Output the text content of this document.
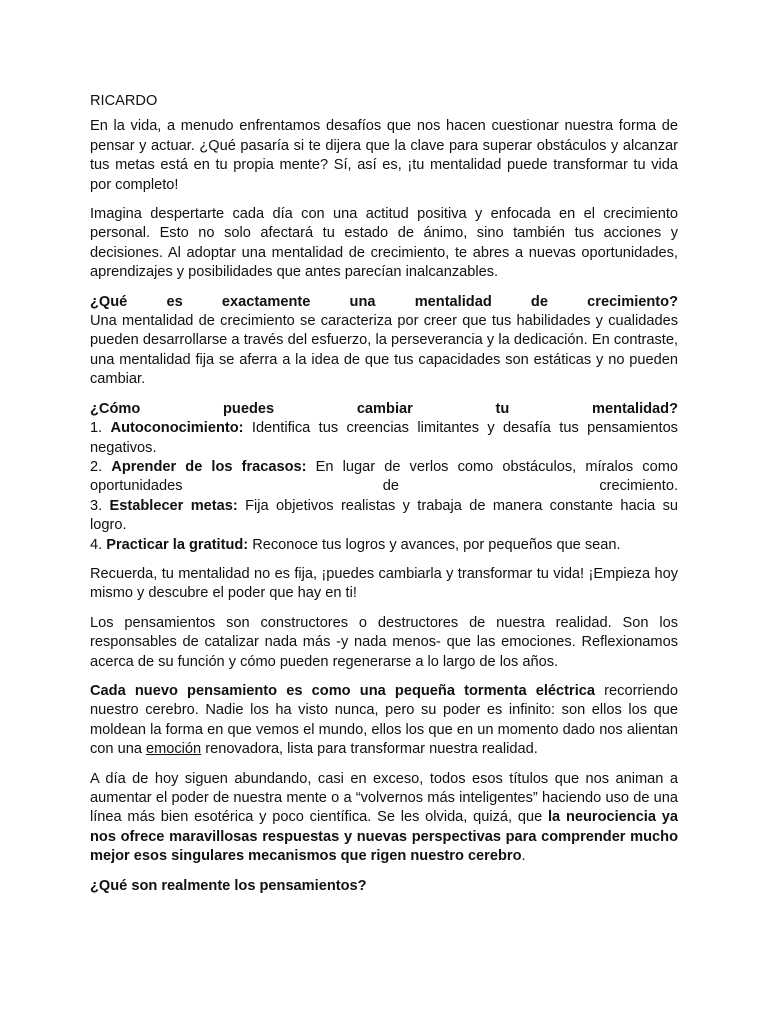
RICARDO

En la vida, a menudo enfrentamos desafíos que nos hacen cuestionar nuestra forma de pensar y actuar. ¿Qué pasaría si te dijera que la clave para superar obstáculos y alcanzar tus metas está en tu propia mente? Sí, así es, ¡tu mentalidad puede transformar tu vida por completo!

Imagina despertarte cada día con una actitud positiva y enfocada en el crecimiento personal. Esto no solo afectará tu estado de ánimo, sino también tus acciones y decisiones. Al adoptar una mentalidad de crecimiento, te abres a nuevas oportunidades, aprendizajes y posibilidades que antes parecían inalcanzables.

¿Qué es exactamente una mentalidad de crecimiento?
Una mentalidad de crecimiento se caracteriza por creer que tus habilidades y cualidades pueden desarrollarse a través del esfuerzo, la perseverancia y la dedicación. En contraste, una mentalidad fija se aferra a la idea de que tus capacidades son estáticas y no pueden cambiar.

¿Cómo puedes cambiar tu mentalidad?
1. Autoconocimiento: Identifica tus creencias limitantes y desafía tus pensamientos negativos.
2. Aprender de los fracasos: En lugar de verlos como obstáculos, míralos como oportunidades de crecimiento.
3. Establecer metas: Fija objetivos realistas y trabaja de manera constante hacia su logro.
4. Practicar la gratitud: Reconoce tus logros y avances, por pequeños que sean.

Recuerda, tu mentalidad no es fija, ¡puedes cambiarla y transformar tu vida! ¡Empieza hoy mismo y descubre el poder que hay en ti!

Los pensamientos son constructores o destructores de nuestra realidad. Son los responsables de catalizar nada más -y nada menos- que las emociones. Reflexionamos acerca de su función y cómo pueden regenerarse a lo largo de los años.

Cada nuevo pensamiento es como una pequeña tormenta eléctrica recorriendo nuestro cerebro. Nadie los ha visto nunca, pero su poder es infinito: son ellos los que moldean la forma en que vemos el mundo, ellos los que en un momento dado nos alientan con una emoción renovadora, lista para transformar nuestra realidad.

A día de hoy siguen abundando, casi en exceso, todos esos títulos que nos animan a aumentar el poder de nuestra mente o a “volvernos más inteligentes” haciendo uso de una línea más bien esotérica y poco científica. Se les olvida, quizá, que la neurociencia ya nos ofrece maravillosas respuestas y nuevas perspectivas para comprender mucho mejor esos singulares mecanismos que rigen nuestro cerebro.

¿Qué son realmente los pensamientos?
